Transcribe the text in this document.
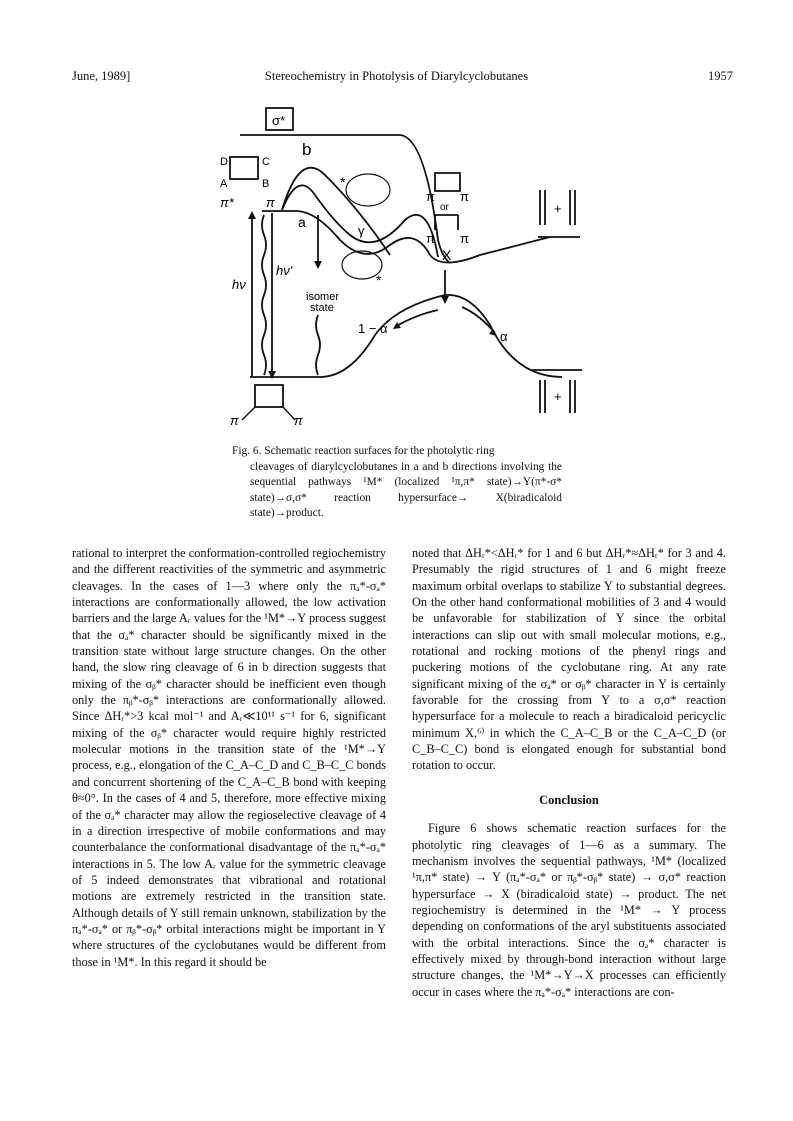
June, 1989]	Stereochemistry in Photolysis of Diarylcyclobutanes	1957
σ*
b
a
γ
X
1 − α
α
hν
hν'
isomer
state
π* π
π	π
π π
or
π π
D	C
A	B	*
*
+
+
Fig. 6. Schematic reaction surfaces for the photolytic ring
cleavages of diarylcyclobutanes in a and b directions involving the sequential pathways ¹M* (localized ¹π,π* state)→Y(π*-σ* state)→σ,σ* reaction hypersurface→ X(biradicaloid state)→product.

rational to interpret the conformation-controlled regiochemistry and the different reactivities of the symmetric and asymmetric cleavages. In the cases of 1—3 where only the πₐ*-σₐ* interactions are conformationally allowed, the low activation barriers and the large Aᵣ values for the ¹M*→Y process suggest that the σₐ* character should be significantly mixed in the transition state without large structure changes. On the other hand, the slow ring cleavage of 6 in b direction suggests that mixing of the σᵦ* character should be inefficient even though only the πᵦ*-σᵦ* interactions are conformationally allowed. Since ΔHᵣ*>3 kcal mol⁻¹ and Aᵣ≪10¹¹ s⁻¹ for 6, significant mixing of the σᵦ* character would require highly restricted molecular motions in the transition state of the ¹M*→Y process, e.g., elongation of the C_A–C_D and C_B–C_C bonds and concurrent shortening of the C_A–C_B bond with keeping θ≈0°. In the cases of 4 and 5, therefore, more effective mixing of the σₐ* character may allow the regioselective cleavage of 4 in a direction irrespective of mobile conformations and may counterbalance the conformational disadvantage of the πₐ*-σₐ* interactions in 5. The low Aᵣ value for the symmetric cleavage of 5 indeed demonstrates that vibrational and rotational motions are extremely restricted in the transition state. Although details of Y still remain unknown, stabilization by the πₐ*-σₐ* or πᵦ*-σᵦ* orbital interactions might be important in Y where structures of the cyclobutanes would be different from those in ¹M*. In this regard it should be

noted that ΔHᵣ*<ΔHᵣ* for 1 and 6 but ΔHᵣ*≈ΔHᵣ* for 3 and 4. Presumably the rigid structures of 1 and 6 might freeze maximum orbital overlaps to stabilize Y to substantial degrees. On the other hand conformational mobilities of 3 and 4 would be unfavorable for stabilization of Y since the orbital interactions can slip out with small molecular motions, e.g., rotational and rocking motions of the phenyl rings and puckering motions of the cyclobutane ring. At any rate significant mixing of the σₐ* or σᵦ* character in Y is certainly favorable for the crossing from Y to a σ,σ* reaction hypersurface for a molecule to reach a biradicaloid pericyclic minimum X,⁶⁾ in which the C_A–C_B or the C_A–C_D (or C_B–C_C) bond is elongated enough for substantial bond rotation to occur.

Conclusion

Figure 6 shows schematic reaction surfaces for the photolytic ring cleavages of 1—6 as a summary. The mechanism involves the sequential pathways, ¹M* (localized ¹π,π* state) → Y (πₐ*-σₐ* or πᵦ*-σᵦ* state) → σ,σ* reaction hypersurface → X (biradicaloid state) → product. The net regiochemistry is determined in the ¹M* → Y process depending on conformations of the aryl substituents associated with the orbital interactions. Since the σₐ* character is effectively mixed by through-bond interaction without large structure changes, the ¹M*→Y→X processes can efficiently occur in cases where the πₐ*-σₐ* interactions are con-
